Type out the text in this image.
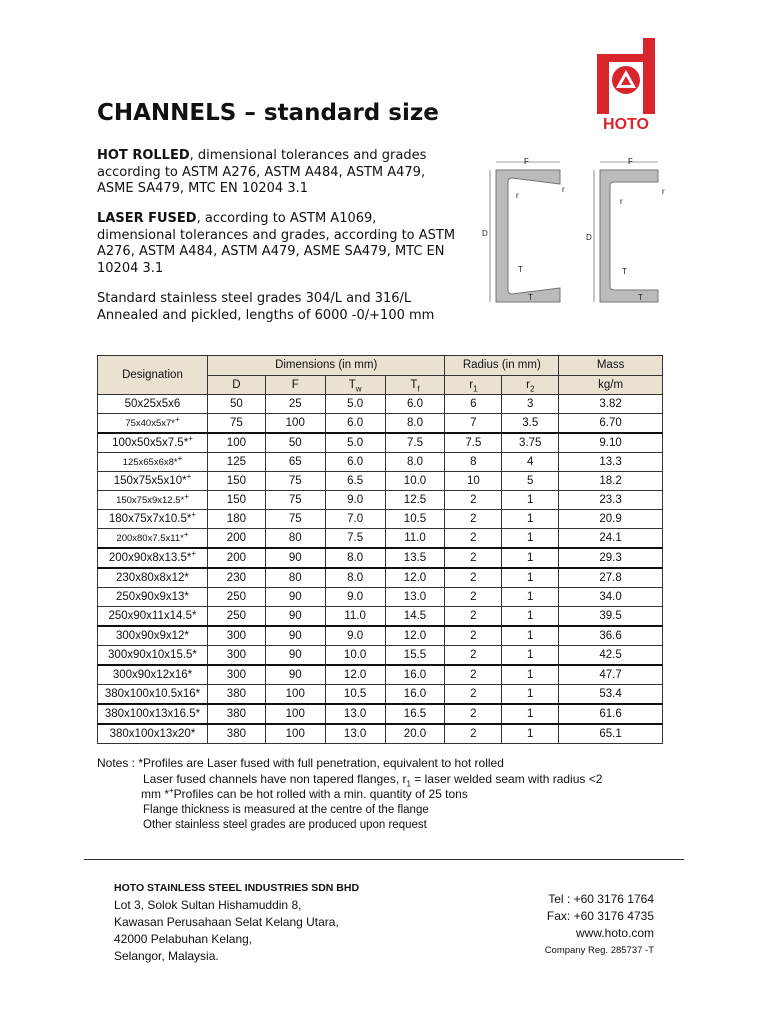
CHANNELS – standard size	HOTO
HOT ROLLED, dimensional tolerances and grades according to ASTM A276, ASTM A484, ASTM A479, ASME SA479, MTC EN 10204 3.1
LASER FUSED, according to ASTM A1069, dimensional tolerances and grades, according to ASTM A276, ASTM A484, ASTM A479, ASME SA479, MTC EN 10204 3.1
Standard stainless steel grades 304/L and 316/L
Annealed and pickled, lengths of 6000 -0/+100 mm
F	F
D	D
T	T
T	T
r
r
r	r
Designation	Dimensions (in mm)				Radius (in mm)		Mass
	D	F	$T_w$	$T_f$	$r_1$	$r_2$	kg/m
50x25x5x6	50	25	5.0	6.0	6	3	3.82
75x40x5x7*+	75	100	6.0	8.0	7	3.5	6.70
100x50x5x7.5*+	100	50	5.0	7.5	7.5	3.75	9.10
125x65x6x8*+	125	65	6.0	8.0	8	4	13.3
150x75x5x10*+	150	75	6.5	10.0	10	5	18.2
150x75x9x12.5*+	150	75	9.0	12.5	2	1	23.3
180x75x7x10.5*+	180	75	7.0	10.5	2	1	20.9
200x80x7.5x11*+	200	80	7.5	11.0	2	1	24.1
200x90x8x13.5*+	200	90	8.0	13.5	2	1	29.3
230x80x8x12*	230	80	8.0	12.0	2	1	27.8
250x90x9x13*	250	90	9.0	13.0	2	1	34.0
250x90x11x14.5*	250	90	11.0	14.5	2	1	39.5
300x90x9x12*	300	90	9.0	12.0	2	1	36.6
300x90x10x15.5*	300	90	10.0	15.5	2	1	42.5
300x90x12x16*	300	90	12.0	16.0	2	1	47.7
380x100x10.5x16*	380	100	10.5	16.0	2	1	53.4
380x100x13x16.5*	380	100	13.0	16.5	2	1	61.6
380x100x13x20*	380	100	13.0	20.0	2	1	65.1
Notes : *Profiles are Laser fused with full penetration, equivalent to hot rolled
Laser fused channels have non tapered flanges, $r_1$ = laser welded seam with radius <2
mm *+Profiles can be hot rolled with a min. quantity of 25 tons
Flange thickness is measured at the centre of the flange
Other stainless steel grades are produced upon request
HOTO STAINLESS STEEL INDUSTRIES SDN BHD
Lot 3, Solok Sultan Hishamuddin 8,
Kawasan Perusahaan Selat Kelang Utara,
42000 Pelabuhan Kelang,
Selangor, Malaysia.
Tel : +60 3176 1764
Fax: +60 3176 4735
www.hoto.com
Company Reg. 285737 -T
